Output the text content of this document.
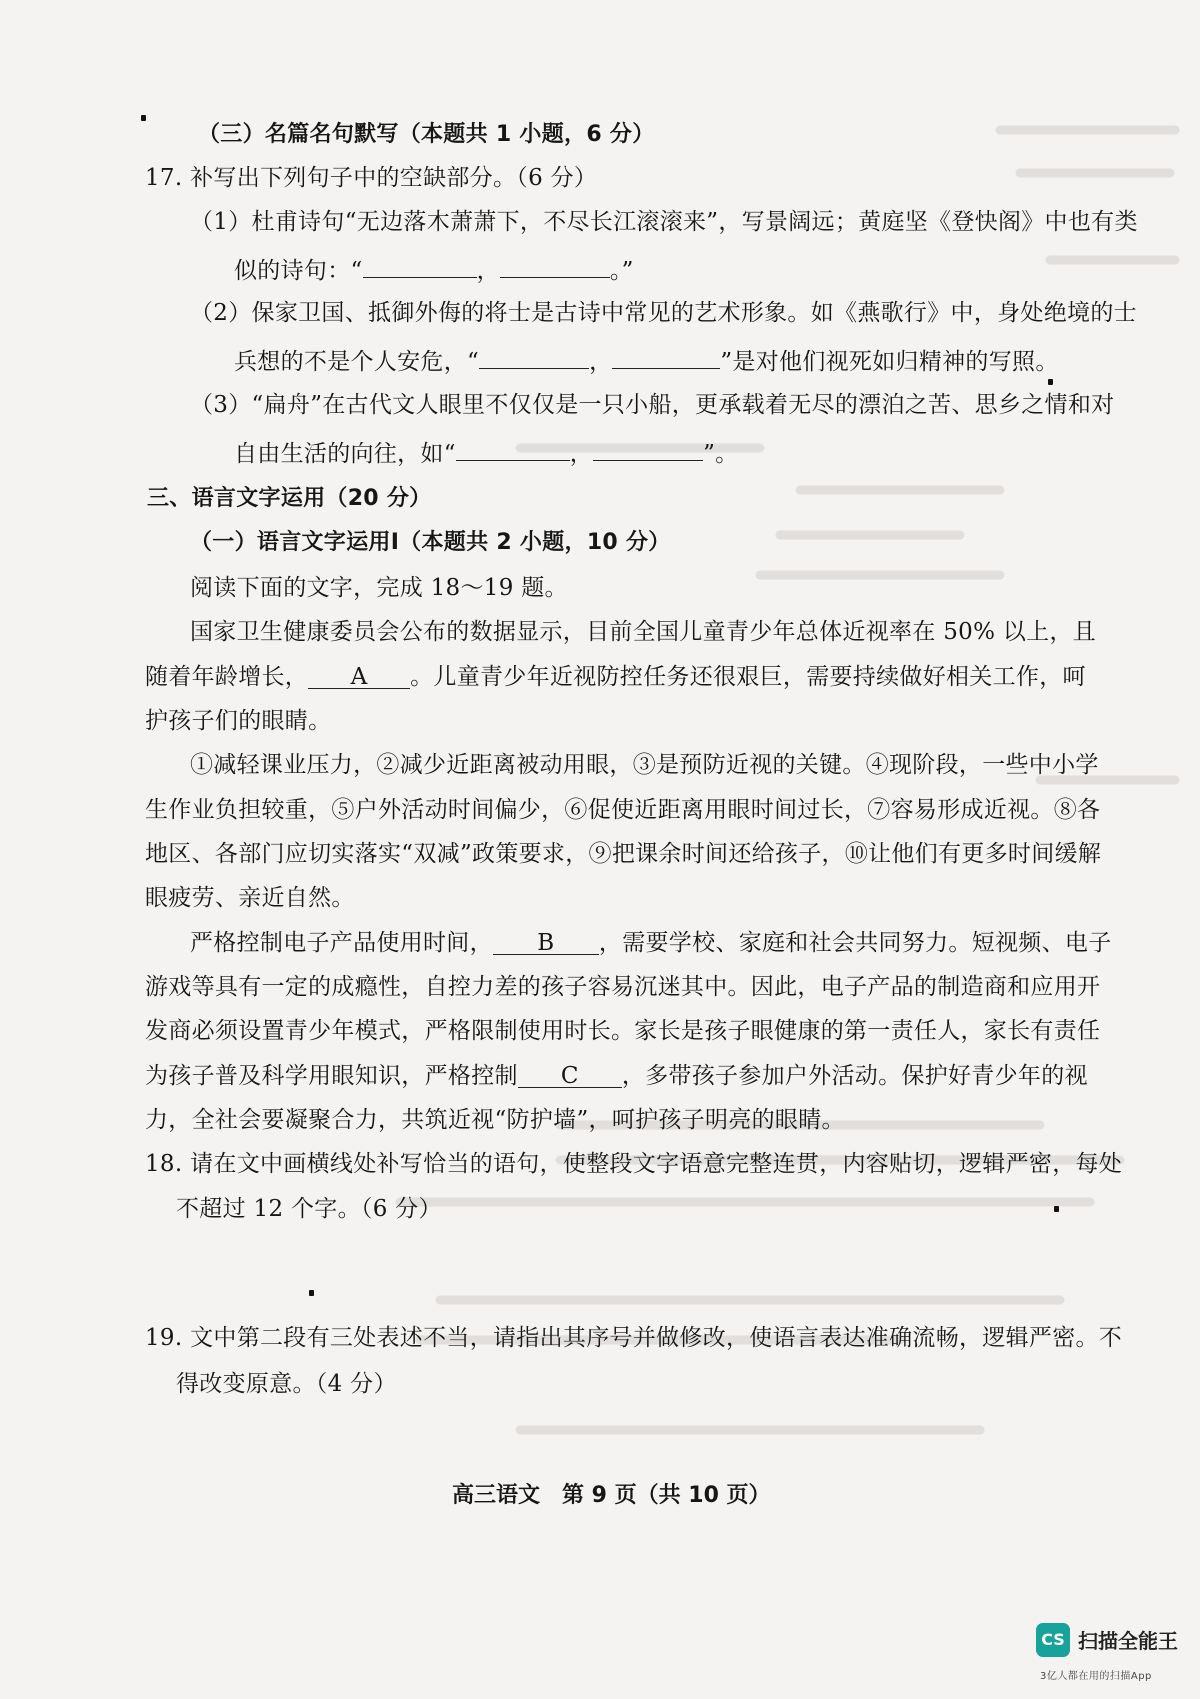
（三）名篇名句默写（本题共 1 小题，6 分）
17. 补写出下列句子中的空缺部分。（6 分）
（1）杜甫诗句“无边落木萧萧下，不尽长江滚滚来”，写景阔远；黄庭坚《登快阁》中也有类
似的诗句：“	，	。”
（2）保家卫国、抵御外侮的将士是古诗中常见的艺术形象。如《燕歌行》中，身处绝境的士
兵想的不是个人安危，“	，	”是对他们视死如归精神的写照。
（3）“扁舟”在古代文人眼里不仅仅是一只小船，更承载着无尽的漂泊之苦、思乡之情和对
自由生活的向往，如“	，	”。
三、语言文字运用（20 分）
（一）语言文字运用Ⅰ（本题共 2 小题，10 分）
阅读下面的文字，完成 18～19 题。
国家卫生健康委员会公布的数据显示，目前全国儿童青少年总体近视率在 50% 以上，且
随着年龄增长， A 。儿童青少年近视防控任务还很艰巨，需要持续做好相关工作，呵
护孩子们的眼睛。
①减轻课业压力，②减少近距离被动用眼，③是预防近视的关键。④现阶段，一些中小学
生作业负担较重，⑤户外活动时间偏少，⑥促使近距离用眼时间过长，⑦容易形成近视。⑧各
地区、各部门应切实落实“双减”政策要求，⑨把课余时间还给孩子，⑩让他们有更多时间缓解
眼疲劳、亲近自然。
严格控制电子产品使用时间， B ，需要学校、家庭和社会共同努力。短视频、电子
游戏等具有一定的成瘾性，自控力差的孩子容易沉迷其中。因此，电子产品的制造商和应用开
发商必须设置青少年模式，严格限制使用时长。家长是孩子眼健康的第一责任人，家长有责任
为孩子普及科学用眼知识，严格控制 C ，多带孩子参加户外活动。保护好青少年的视
力，全社会要凝聚合力，共筑近视“防护墙”，呵护孩子明亮的眼睛。
18. 请在文中画横线处补写恰当的语句，使整段文字语意完整连贯，内容贴切，逻辑严密，每处
不超过 12 个字。（6 分）
19. 文中第二段有三处表述不当，请指出其序号并做修改，使语言表达准确流畅，逻辑严密。不
得改变原意。（4 分）
高三语文　第 9 页（共 10 页）
CS 扫描全能王
3亿人都在用的扫描App
